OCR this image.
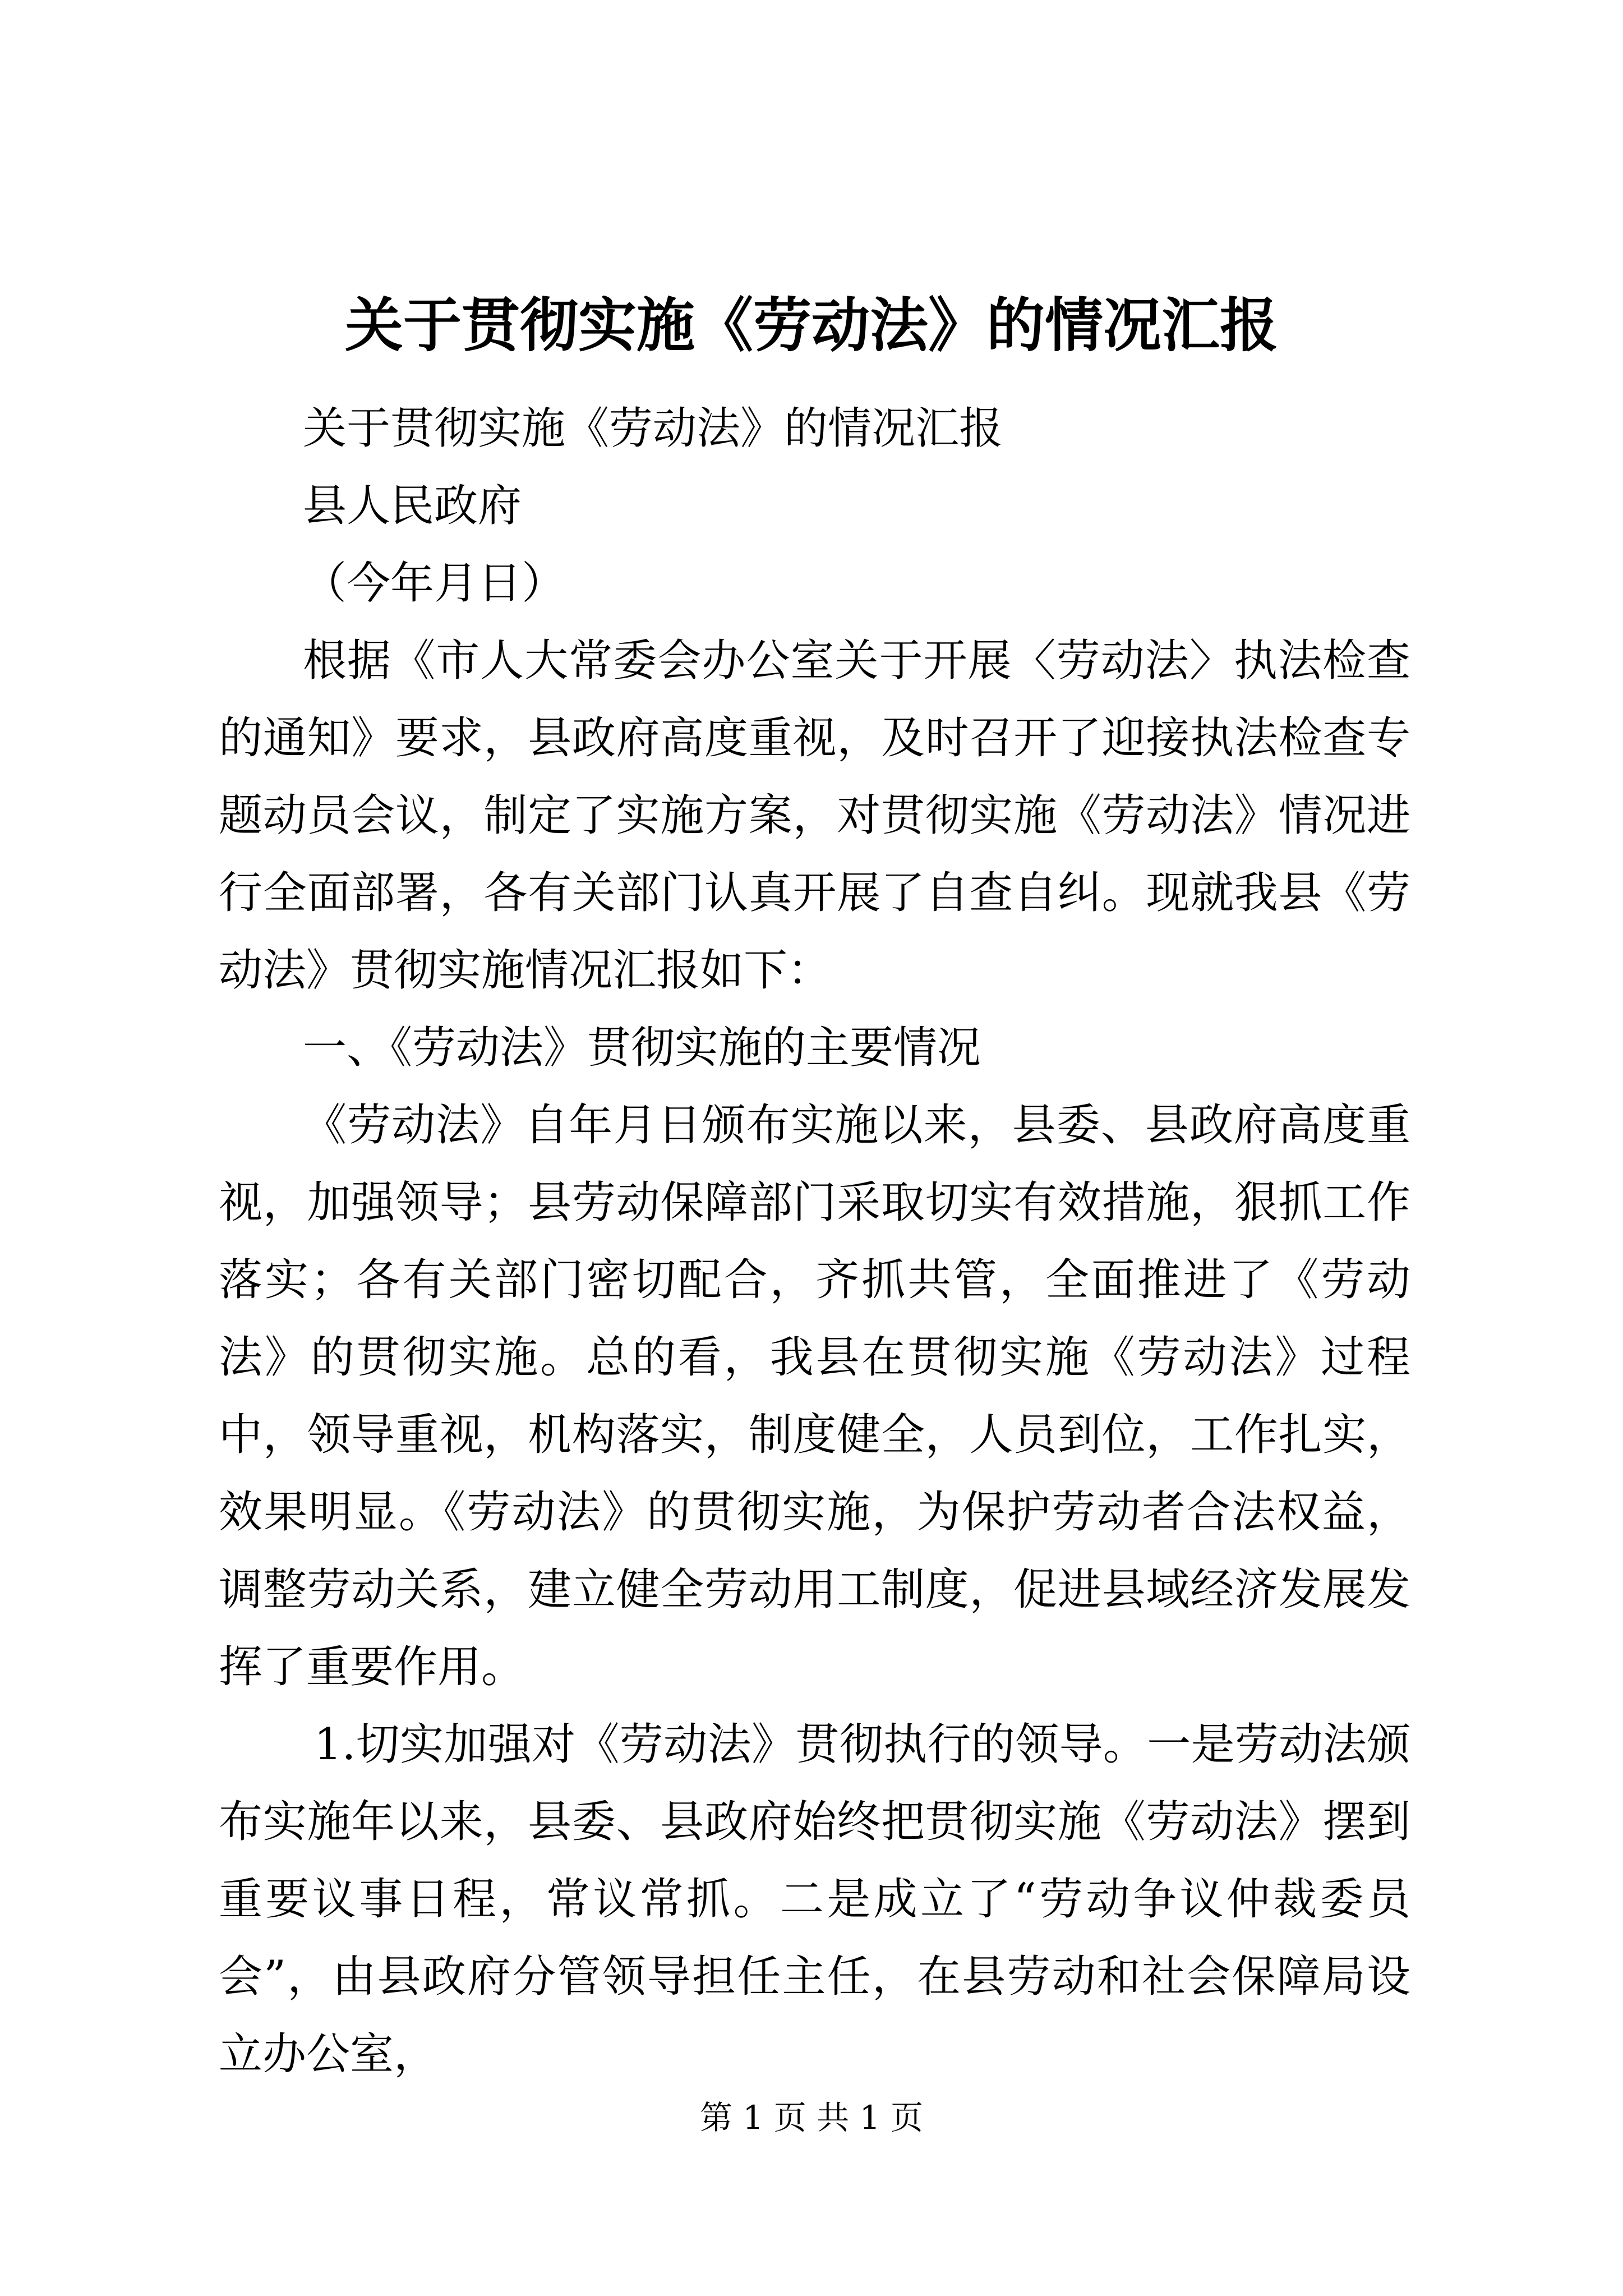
关于贯彻实施《劳动法》的情况汇报
关于贯彻实施《劳动法》的情况汇报
县人民政府
（今年月日）

根据《市人大常委会办公室关于开展〈劳动法〉执法检查的通知》要求，县政府高度重视，及时召开了迎接执法检查专题动员会议，制定了实施方案，对贯彻实施《劳动法》情况进行全面部署，各有关部门认真开展了自查自纠。现就我县《劳动法》贯彻实施情况汇报如下：

一、《劳动法》贯彻实施的主要情况

《劳动法》自年月日颁布实施以来，县委、县政府高度重视，加强领导；县劳动保障部门采取切实有效措施，狠抓工作落实；各有关部门密切配合，齐抓共管，全面推进了《劳动法》的贯彻实施。总的看，我县在贯彻实施《劳动法》过程中，领导重视，机构落实，制度健全，人员到位，工作扎实，效果明显。《劳动法》的贯彻实施，为保护劳动者合法权益，调整劳动关系，建立健全劳动用工制度，促进县域经济发展发挥了重要作用。

1.切实加强对《劳动法》贯彻执行的领导。一是劳动法颁布实施年以来，县委、县政府始终把贯彻实施《劳动法》摆到重要议事日程，常议常抓。二是成立了“劳动争议仲裁委员会”，由县政府分管领导担任主任，在县劳动和社会保障局设立办公室，

第 1 页 共 1 页
